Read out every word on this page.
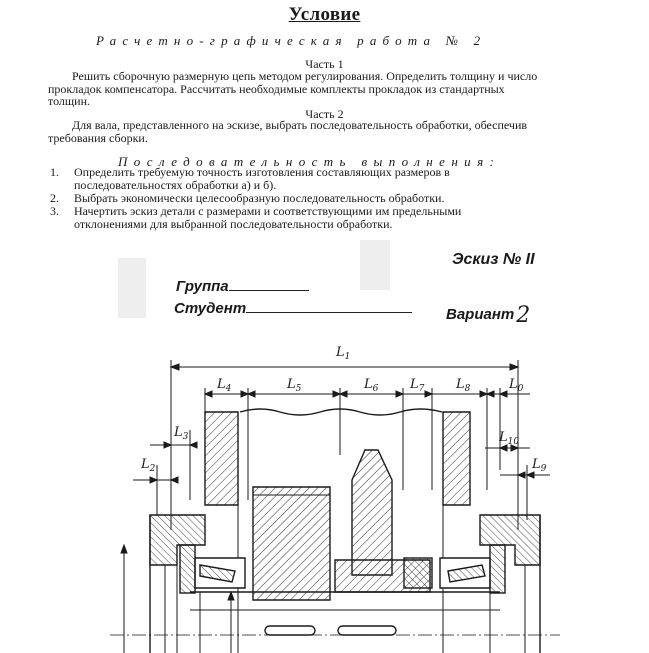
Условие
Расчетно-графическая работа № 2
Часть 1
Решить сборочную размерную цепь методом регулирования. Определить толщину и число прокладок компенсатора. Рассчитать необходимые комплекты прокладок из стандартных толщин.
Часть 2
Для вала, представленного на эскизе, выбрать последовательность обработки, обеспечив требования сборки.
Последовательность выполнения:
1. Определить требуемую точность изготовления составляющих размеров в последовательностях обработки а) и б).
2. Выбрать экономически целесообразную последовательность обработки.
3. Начертить эскиз детали с размерами и соответствующими им предельными отклонениями для выбранной последовательности обработки.
Эскиз № II
Группа
Студент	Вариант2
$L_1$
$L_4$	$L_5$	$L_6$ $L_7$ $L_8$	$L_0$
$L_3$
$L_2$
$L_{10}$
$L_9$
